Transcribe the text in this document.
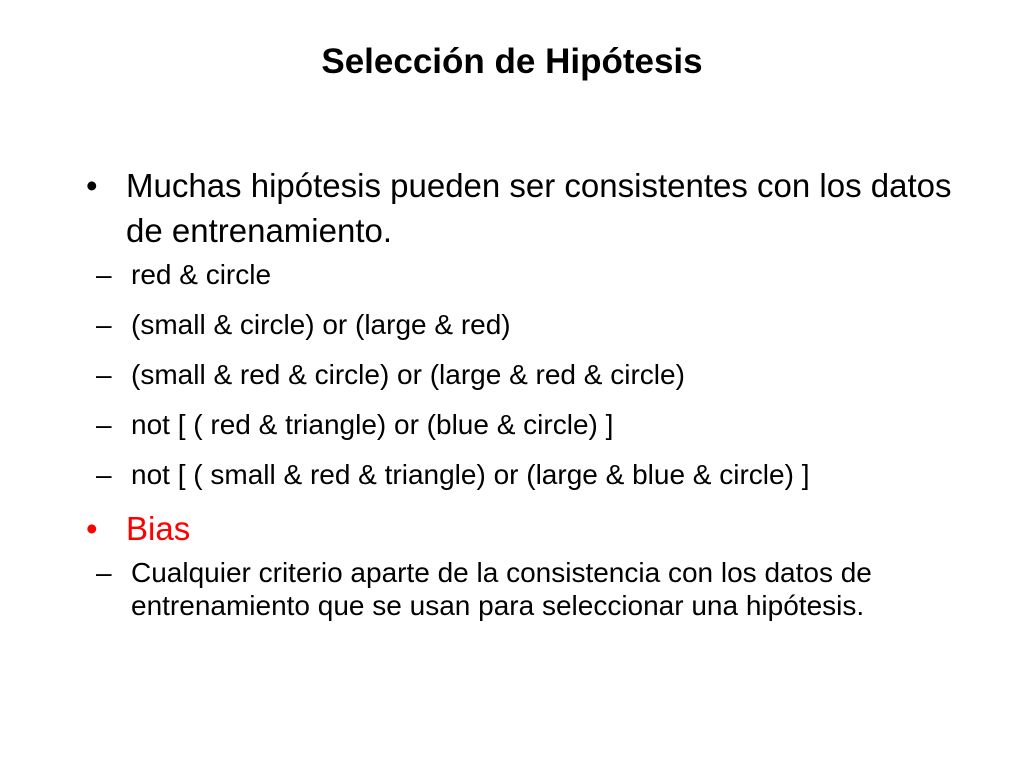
Selección de Hipótesis
• Muchas hipótesis pueden ser consistentes con los datos de entrenamiento.
– red & circle
– (small & circle) or (large & red)
– (small & red & circle) or (large & red & circle)
– not [ ( red & triangle) or (blue & circle) ]
– not [ ( small & red & triangle) or (large & blue & circle) ]
• Bias
– Cualquier criterio aparte de la consistencia con los datos de entrenamiento que se usan para seleccionar una hipótesis.
